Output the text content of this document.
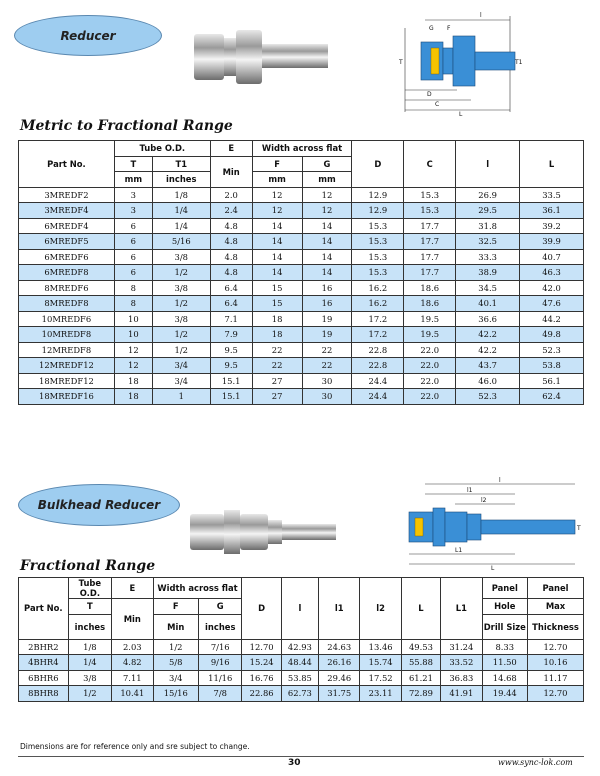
Reducer	G F
D
C
L
l
T	T1
Metric to Fractional Range
Part No.	Tube O.D.		E	Width across flat		D	C	l	L
	T	T1	Min	F	G				
	mm	inches		mm	mm				
3MREDF2	3	1/8	2.0	12	12	12.9	15.3	26.9	33.5
3MREDF4	3	1/4	2.4	12	12	12.9	15.3	29.5	36.1
6MREDF4	6	1/4	4.8	14	14	15.3	17.7	31.8	39.2
6MREDF5	6	5/16	4.8	14	14	15.3	17.7	32.5	39.9
6MREDF6	6	3/8	4.8	14	14	15.3	17.7	33.3	40.7
6MREDF8	6	1/2	4.8	14	14	15.3	17.7	38.9	46.3
8MREDF6	8	3/8	6.4	15	16	16.2	18.6	34.5	42.0
8MREDF8	8	1/2	6.4	15	16	16.2	18.6	40.1	47.6
10MREDF6	10	3/8	7.1	18	19	17.2	19.5	36.6	44.2
10MREDF8	10	1/2	7.9	18	19	17.2	19.5	42.2	49.8
12MREDF8	12	1/2	9.5	22	22	22.8	22.0	42.2	52.3
12MREDF12	12	3/4	9.5	22	22	22.8	22.0	43.7	53.8
18MREDF12	18	3/4	15.1	27	30	24.4	22.0	46.0	56.1
18MREDF16	18	1	15.1	27	30	24.4	22.0	52.3	62.4
Bulkhead Reducer	l2
l1
l
L1
L
T
Fractional Range
Part No.	Tube O.D.	E	Width across flat		D	l	l1	l2	L	L1	Panel	Panel
	T	Min	F	G							Hole	Max
	inches		Min	inches							Drill Size	Thickness
2BHR2	1/8	2.03	1/2	7/16	12.70	42.93	24.63	13.46	49.53	31.24	8.33	12.70
4BHR4	1/4	4.82	5/8	9/16	15.24	48.44	26.16	15.74	55.88	33.52	11.50	10.16
6BHR6	3/8	7.11	3/4	11/16	16.76	53.85	29.46	17.52	61.21	36.83	14.68	11.17
8BHR8	1/2	10.41	15/16	7/8	22.86	62.73	31.75	23.11	72.89	41.91	19.44	12.70
Dimensions are for reference only and sre subject to change.
30	www.sync-lok.com
